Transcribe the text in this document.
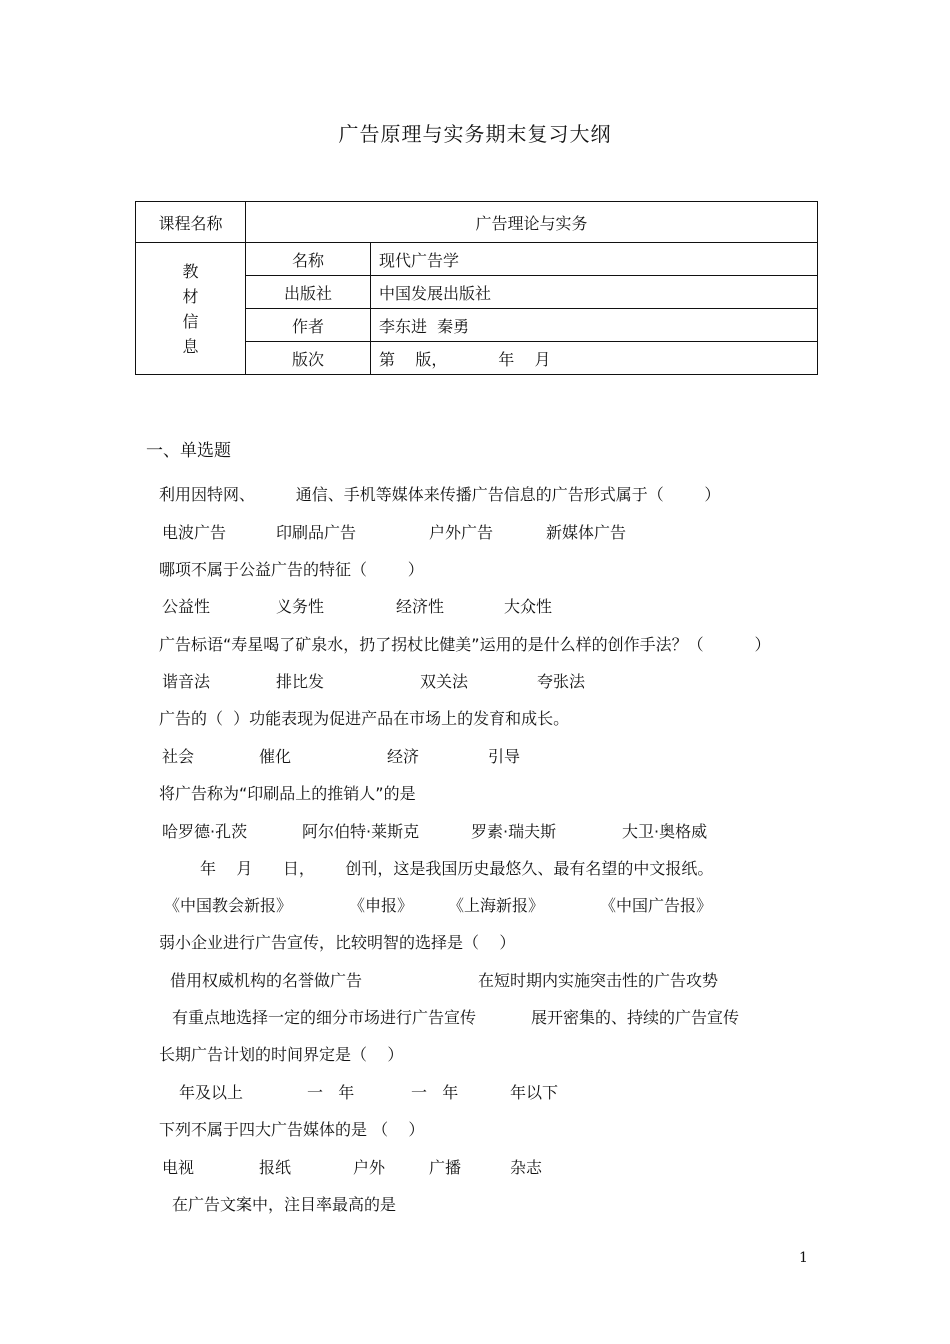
广告原理与实务期末复习大纲
课程名称	广告理论与实务	

教
材
信
息	名称	现代广告学
	出版社	中国发展出版社
	作者	李东进  秦勇
	版次	第    版，          年    月
一、单选题
利用因特网、        通信、手机等媒体来传播广告信息的广告形式属于（        ）
电波广告	印刷品广告	户外广告	新媒体广告
哪项不属于公益广告的特征（        ）
公益性	义务性	经济性	大众性
广告标语“寿星喝了矿泉水，扔了拐杖比健美”运用的是什么样的创作手法？（          ）
谐音法	排比发	双关法	夸张法
广告的（  ）功能表现为促进产品在市场上的发育和成长。
社会	催化	经济	引导
将广告称为“印刷品上的推销人”的是
哈罗德·孔茨	阿尔伯特·莱斯克	罗素·瑞夫斯	大卫·奥格威
年    月      日，      创刊，这是我国历史最悠久、最有名望的中文报纸。
《中国教会新报》	《申报》 《上海新报》	《中国广告报》
弱小企业进行广告宣传，比较明智的选择是（    ）
借用权威机构的名誉做广告	在短时期内实施突击性的广告攻势
有重点地选择一定的细分市场进行广告宣传	展开密集的、持续的广告宣传
长期广告计划的时间界定是（    ）
年及以上	一   年	一   年	年以下
下列不属于四大广告媒体的是 （    ）
电视	报纸	户外	广播	杂志
在广告文案中，注目率最高的是
1
